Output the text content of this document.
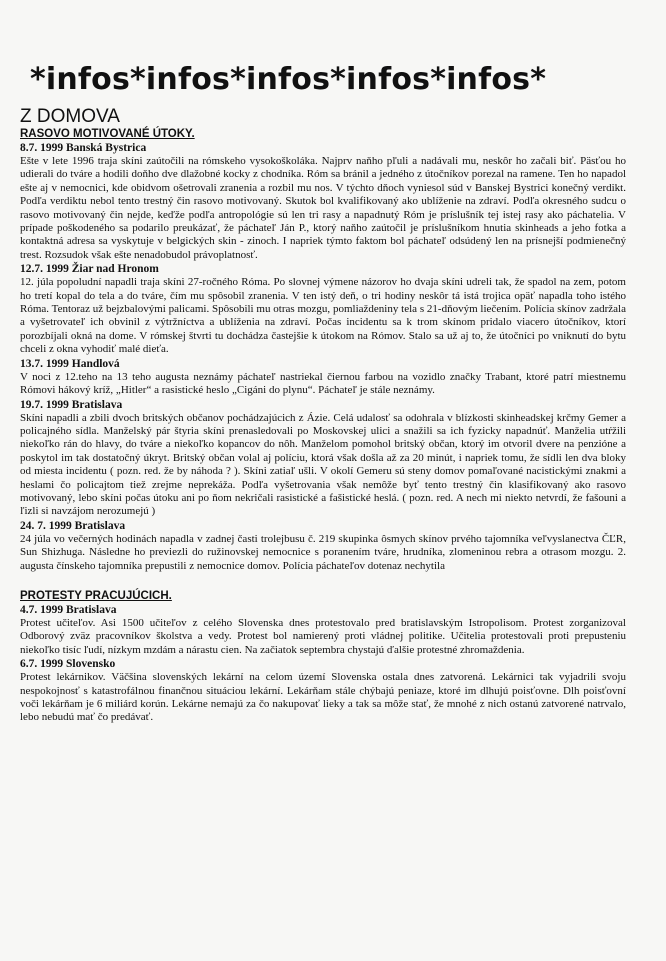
*infos*infos*infos*infos*infos*
Z DOMOVA
RASOVO MOTIVOVANÉ ÚTOKY.
8.7. 1999 Banská Bystrica

Ešte v lete 1996 traja skíni zaútočili na rómskeho vysokoškoláka. Najprv naňho pľuli a nadávali mu, neskôr ho začali biť. Päsťou ho udierali do tváre a hodili doňho dve dlažobné kocky z chodníka. Róm sa bránil a jedného z útočníkov porezal na ramene. Ten ho napadol ešte aj v nemocnici, kde obidvom ošetrovali zranenia a rozbil mu nos. V týchto dňoch vyniesol súd v Banskej Bystrici konečný verdikt. Podľa verdiktu nebol tento trestný čin rasovo motivovaný. Skutok bol kvalifikovaný ako ublíženie na zdraví. Podľa okresného sudcu o rasovo motivovaný čin nejde, keďže podľa antropológie sú len tri rasy a napadnutý Róm je príslušník tej istej rasy ako páchatelia. V prípade poškodeného sa podarilo preukázať, že páchateľ Ján P., ktorý naňho zaútočil je príslušníkom hnutia skinheads a jeho fotka a kontaktná adresa sa vyskytuje v belgických skin - zinoch. I napriek týmto faktom bol páchateľ odsúdený len na prísnejší podmienečný trest. Rozsudok však ešte nenadobudol právoplatnosť.

12.7. 1999 Žiar nad Hronom

12. júla popoludní napadli traja skíni 27-ročného Róma. Po slovnej výmene názorov ho dvaja skíni udreli tak, že spadol na zem, potom ho tretí kopal do tela a do tváre, čím mu spôsobil zranenia. V ten istý deň, o tri hodiny neskôr tá istá trojica opäť napadla toho istého Róma. Tentoraz už bejzbalovými palicami. Spôsobili mu otras mozgu, pomliaždeniny tela s 21-dňovým liečením. Polícia skínov zadržala a vyšetrovateľ ich obvinil z výtržníctva a ublíženia na zdraví. Počas incidentu sa k trom skínom pridalo viacero útočníkov, ktorí porozbíjali okná na dome. V rómskej štvrti tu dochádza častejšie k útokom na Rómov. Stalo sa už aj to, že útočníci po vniknutí do bytu chceli z okna vyhodiť malé dieťa.

13.7. 1999 Handlová

V noci z 12.teho na 13 teho augusta neznámy páchateľ nastriekal čiernou farbou na vozidlo značky Trabant, ktoré patrí miestnemu Rómovi hákový kríž, „Hitler“ a rasistické heslo „Cigáni do plynu“. Páchateľ je stále neznámy.

19.7. 1999 Bratislava

Skíni napadli a zbili dvoch britských občanov pochádzajúcich z Ázie. Celá udalosť sa odohrala v blízkosti skinheadskej krčmy Gemer a policajného sídla. Manželský pár štyria skíni prenasledovali po Moskovskej ulici a snažili sa ich fyzicky napadnúť. Manželia utŕžili niekoľko rán do hlavy, do tváre a niekoľko kopancov do nôh. Manželom pomohol britský občan, ktorý im otvoril dvere na penzióne a poskytol im tak dostatočný úkryt. Britský občan volal aj políciu, ktorá však došla až za 20 minút, i napriek tomu, že sídli len dva bloky od miesta incidentu ( pozn. red. že by náhoda ? ). Skíni zatiaľ ušli. V okolí Gemeru sú steny domov pomaľované nacistickými znakmi a heslami čo policajtom tiež zrejme neprekáža. Podľa vyšetrovania však nemôže byť tento trestný čin klasifikovaný ako rasovo motivovaný, lebo skíni počas útoku ani po ňom nekričali rasistické a fašistické heslá. ( pozn. red. A nech mi niekto netvrdí, že fašouni a ľizli si navzájom nerozumejú )

24. 7. 1999 Bratislava

24 júla vo večerných hodinách napadla v zadnej časti trolejbusu č. 219 skupinka ôsmych skínov prvého tajomníka veľvyslanectva ČĽR, Sun Shizhuga. Následne ho previezli do ružinovskej nemocnice s poranením tváre, hrudníka, zlomeninou rebra a otrasom mozgu. 2. augusta čínskeho tajomníka prepustili z nemocnice domov. Polícia páchateľov dotenaz nechytila

PROTESTY PRACUJÚCICH.
4.7. 1999 Bratislava

Protest učiteľov. Asi 1500 učiteľov z celého Slovenska dnes protestovalo pred bratislavským Istropolisom. Protest zorganizoval Odborový zväz pracovníkov školstva a vedy. Protest bol namierený proti vládnej politike. Učitelia protestovali proti prepusteniu niekoľko tisíc ľudí, nízkym mzdám a nárastu cien. Na začiatok septembra chystajú ďalšie protestné zhromaždenia.

6.7. 1999 Slovensko

Protest lekárnikov. Väčšina slovenských lekární na celom území Slovenska ostala dnes zatvorená. Lekárnici tak vyjadrili svoju nespokojnosť s katastrofálnou finančnou situáciou lekární. Lekárňam stále chýbajú peniaze, ktoré im dlhujú poisťovne. Dlh poisťovní voči lekárňam je 6 miliárd korún. Lekárne nemajú za čo nakupovať lieky a tak sa môže stať, že mnohé z nich ostanú zatvorené natrvalo, lebo nebudú mať čo predávať.
